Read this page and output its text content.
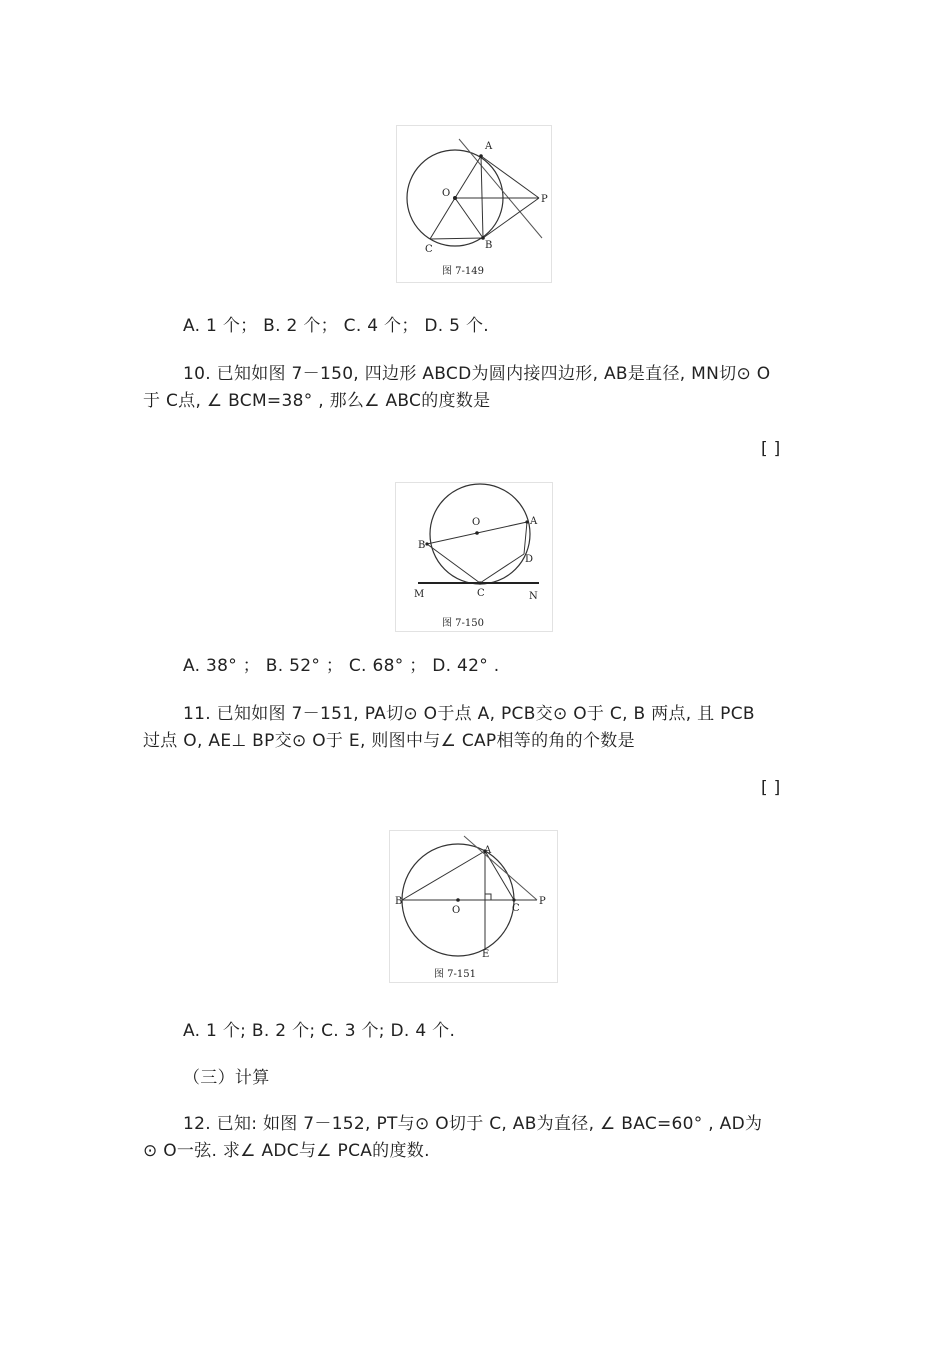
A
O
P
B
C
图 7-149
A. 1 个； B. 2 个； C. 4 个； D. 5 个.
10. 已知如图 7－150, 四边形 ABCD为圆内接四边形, AB是直径, MN切⊙ O
于 C点, ∠ BCM=38° , 那么∠ ABC的度数是
[ ]
O	A
B
D
C
M	N
图 7-150
A. 38° ； B. 52° ； C. 68° ； D. 42° .
11. 已知如图 7－151, PA切⊙ O于点 A, PCB交⊙ O于 C, B 两点, 且 PCB
过点 O, AE⊥ BP交⊙ O于 E, 则图中与∠ CAP相等的角的个数是
[ ]
A
B
O	C
P
E
图 7-151
A. 1 个; B. 2 个; C. 3 个; D. 4 个.
（三）计算
12. 已知: 如图 7－152, PT与⊙ O切于 C, AB为直径, ∠ BAC=60° , AD为
⊙ O一弦. 求∠ ADC与∠ PCA的度数.
